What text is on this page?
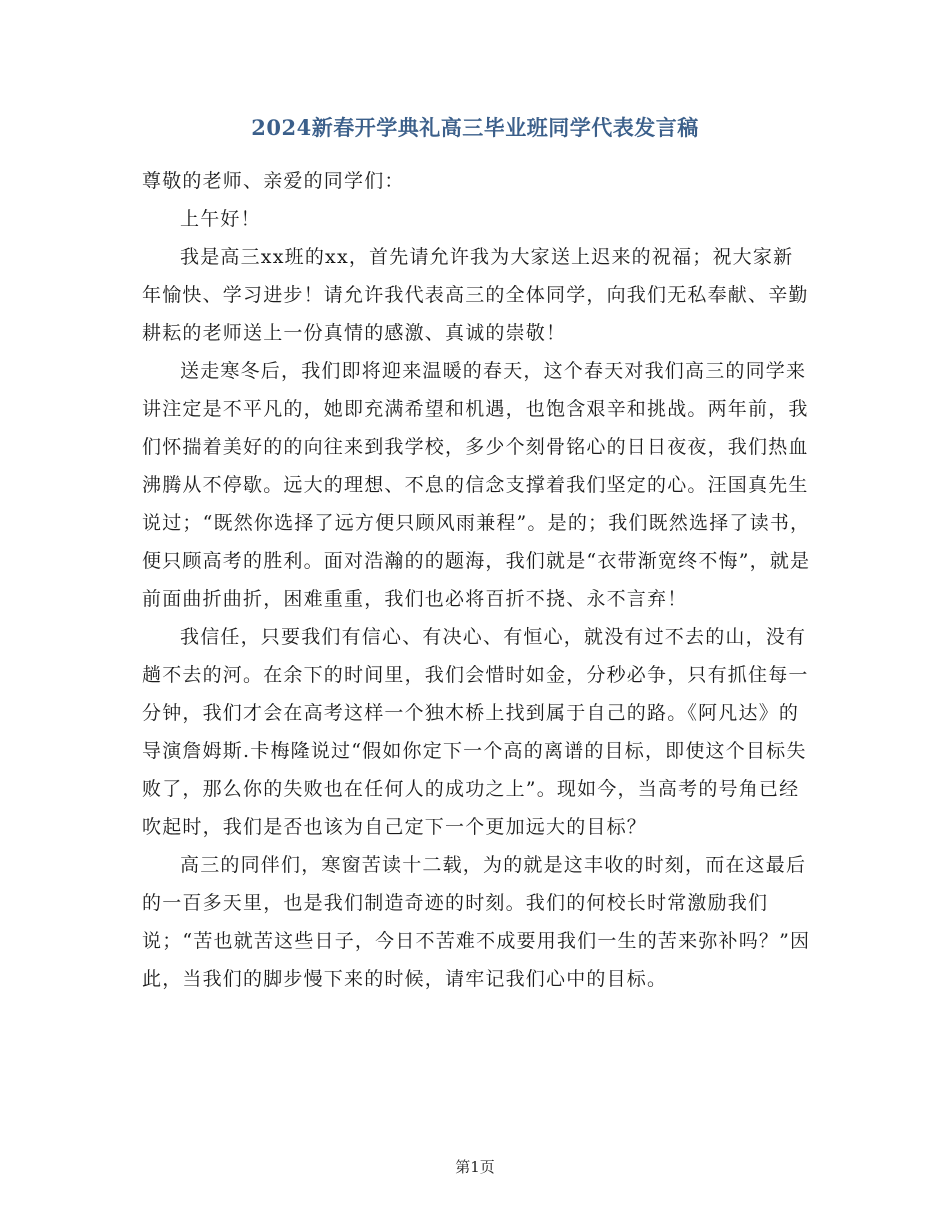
2024新春开学典礼高三毕业班同学代表发言稿

尊敬的老师、亲爱的同学们：

上午好！

我是高三xx班的xx，首先请允许我为大家送上迟来的祝福；祝大家新年愉快、学习进步！请允许我代表高三的全体同学，向我们无私奉献、辛勤耕耘的老师送上一份真情的感激、真诚的崇敬！

送走寒冬后，我们即将迎来温暖的春天，这个春天对我们高三的同学来讲注定是不平凡的，她即充满希望和机遇，也饱含艰辛和挑战。两年前，我们怀揣着美好的的向往来到我学校，多少个刻骨铭心的日日夜夜，我们热血沸腾从不停歇。远大的理想、不息的信念支撑着我们坚定的心。汪国真先生说过；“既然你选择了远方便只顾风雨兼程”。是的；我们既然选择了读书，便只顾高考的胜利。面对浩瀚的的题海，我们就是“衣带渐宽终不悔”，就是前面曲折曲折，困难重重，我们也必将百折不挠、永不言弃！

我信任，只要我们有信心、有决心、有恒心，就没有过不去的山，没有趟不去的河。在余下的时间里，我们会惜时如金，分秒必争，只有抓住每一分钟，我们才会在高考这样一个独木桥上找到属于自己的路。《阿凡达》的导演詹姆斯.卡梅隆说过“假如你定下一个高的离谱的目标，即使这个目标失败了，那么你的失败也在任何人的成功之上”。现如今，当高考的号角已经吹起时，我们是否也该为自己定下一个更加远大的目标？

高三的同伴们，寒窗苦读十二载，为的就是这丰收的时刻，而在这最后的一百多天里，也是我们制造奇迹的时刻。我们的何校长时常激励我们说；“苦也就苦这些日子，今日不苦难不成要用我们一生的苦来弥补吗？”因此，当我们的脚步慢下来的时候，请牢记我们心中的目标。

第1页
